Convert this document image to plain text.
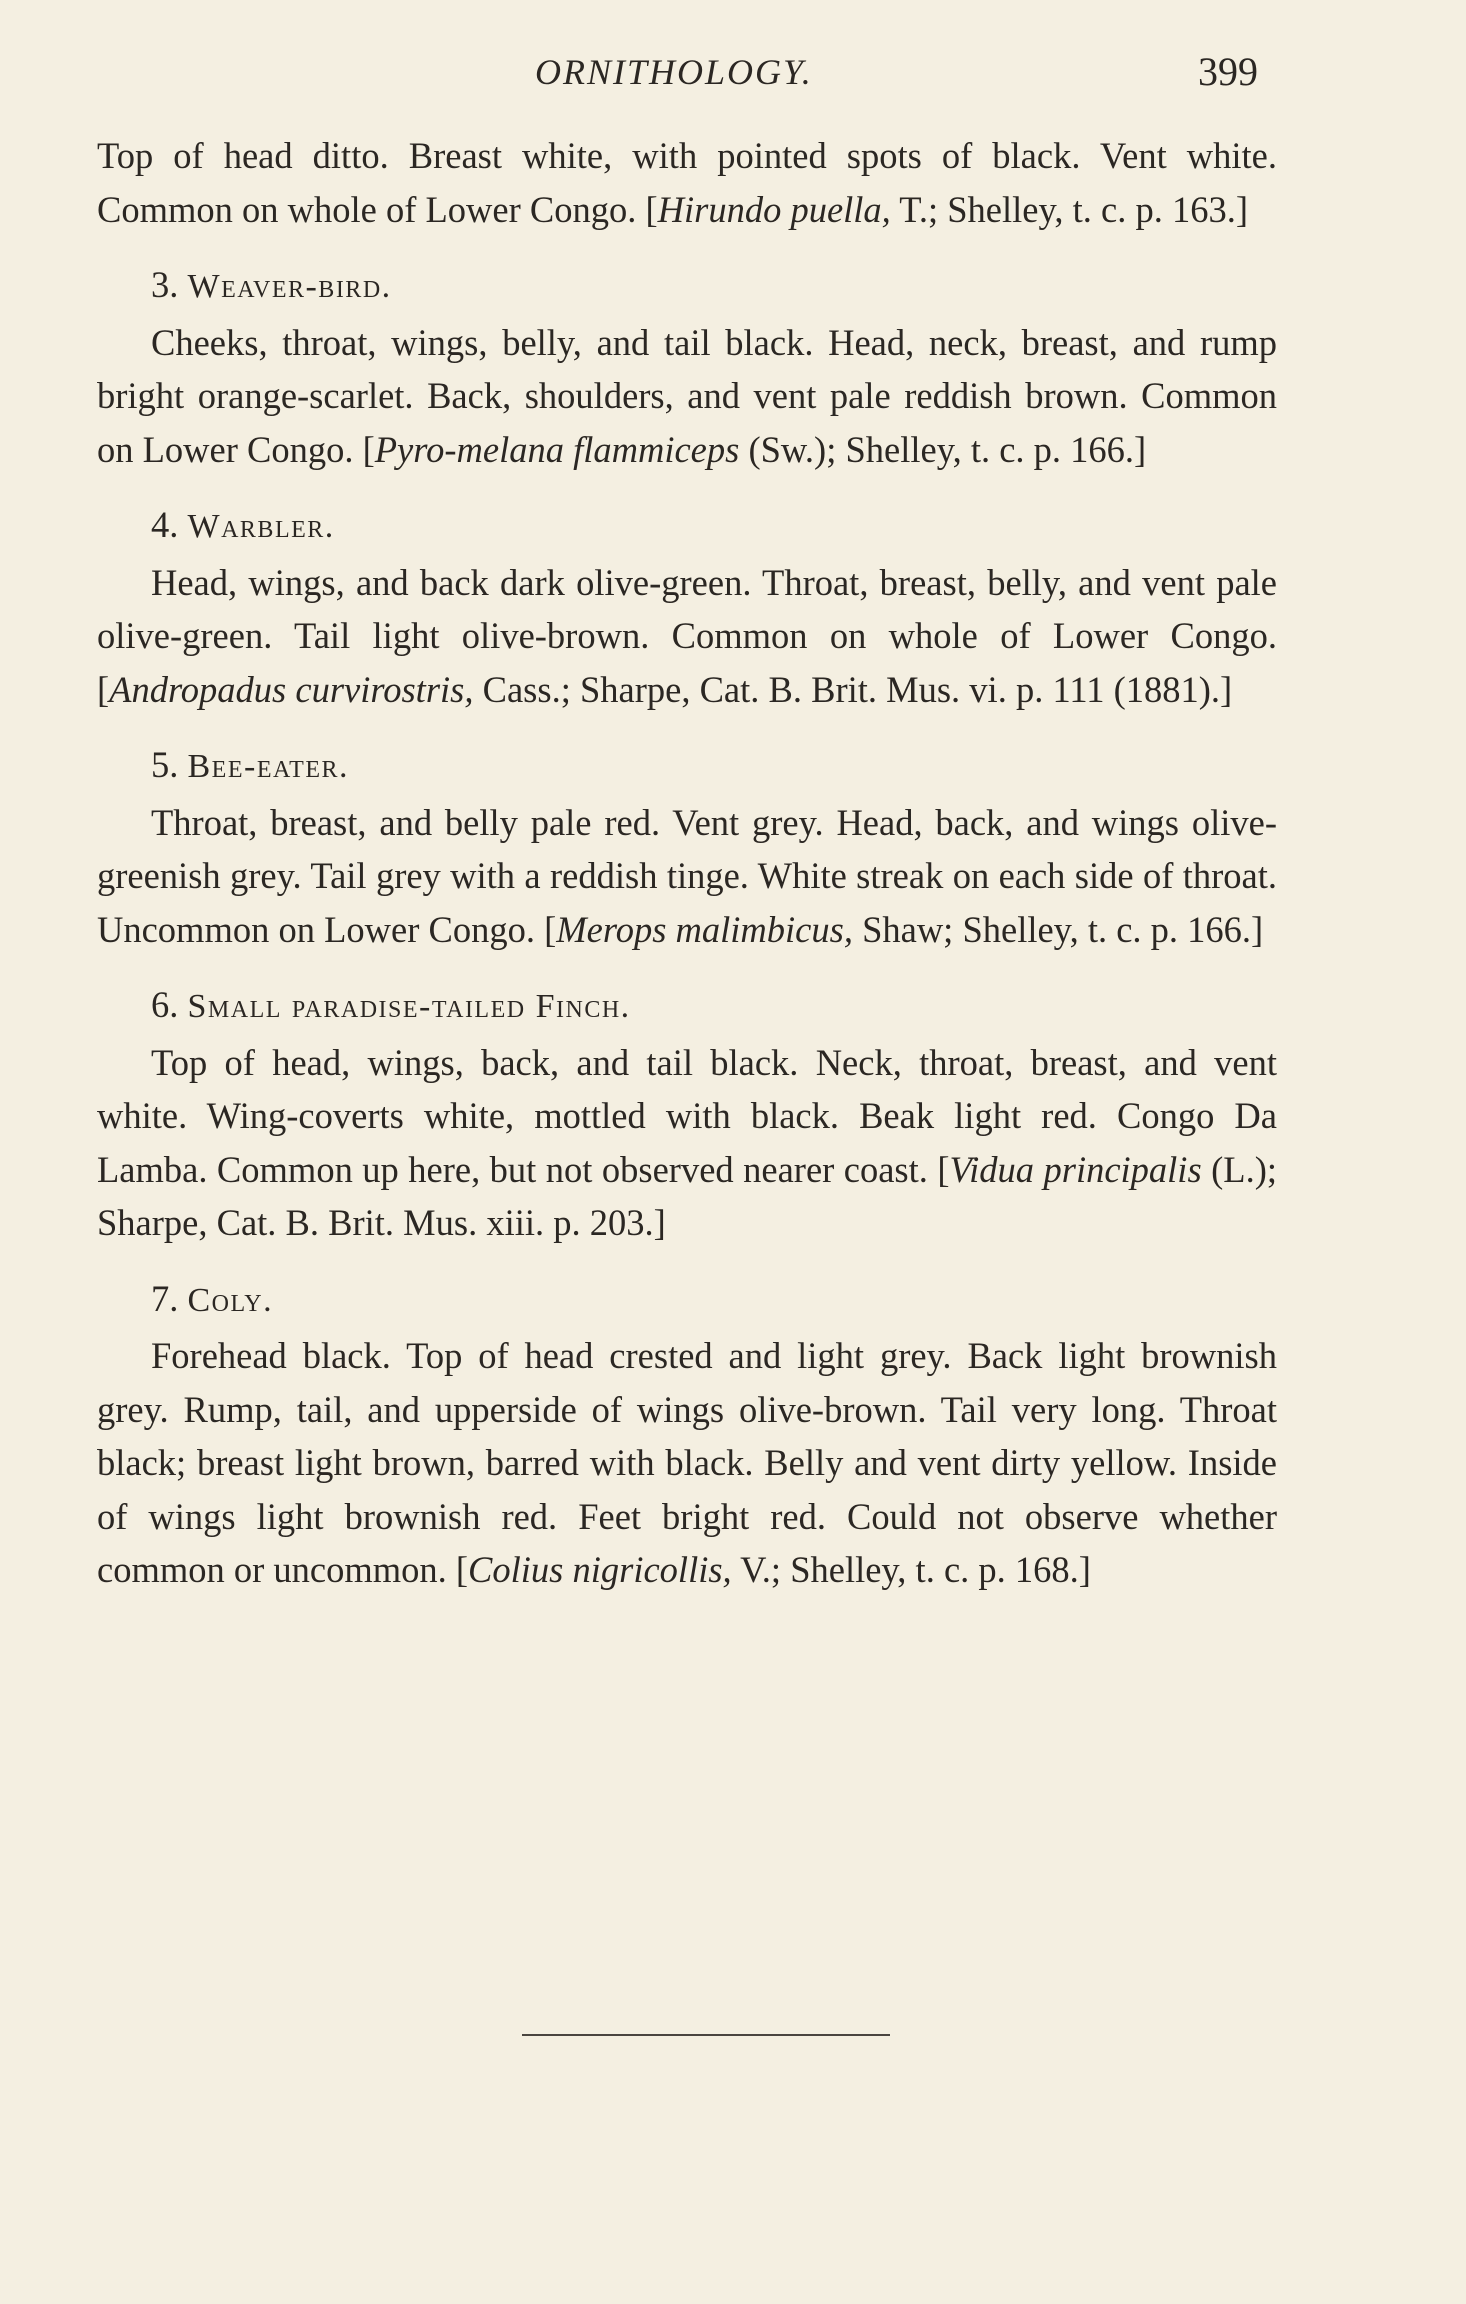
ORNITHOLOGY.	399

Top of head ditto. Breast white, with pointed spots of black. Vent white. Common on whole of Lower Congo. [Hirundo puella, T.; Shelley, t. c. p. 163.]

3. Weaver-bird.

Cheeks, throat, wings, belly, and tail black. Head, neck, breast, and rump bright orange-scarlet. Back, shoulders, and vent pale reddish brown. Common on Lower Congo. [Pyro-melana flammiceps (Sw.); Shelley, t. c. p. 166.]

4. Warbler.

Head, wings, and back dark olive-green. Throat, breast, belly, and vent pale olive-green. Tail light olive-brown. Common on whole of Lower Congo. [Andropadus curvirostris, Cass.; Sharpe, Cat. B. Brit. Mus. vi. p. 111 (1881).]

5. Bee-eater.

Throat, breast, and belly pale red. Vent grey. Head, back, and wings olive-greenish grey. Tail grey with a reddish tinge. White streak on each side of throat. Uncommon on Lower Congo. [Merops malimbicus, Shaw; Shelley, t. c. p. 166.]

6. Small paradise-tailed Finch.

Top of head, wings, back, and tail black. Neck, throat, breast, and vent white. Wing-coverts white, mottled with black. Beak light red. Congo Da Lamba. Common up here, but not observed nearer coast. [Vidua principalis (L.); Sharpe, Cat. B. Brit. Mus. xiii. p. 203.]

7. Coly.

Forehead black. Top of head crested and light grey. Back light brownish grey. Rump, tail, and upperside of wings olive-brown. Tail very long. Throat black; breast light brown, barred with black. Belly and vent dirty yellow. Inside of wings light brownish red. Feet bright red. Could not observe whether common or uncommon. [Colius nigricollis, V.; Shelley, t. c. p. 168.]
